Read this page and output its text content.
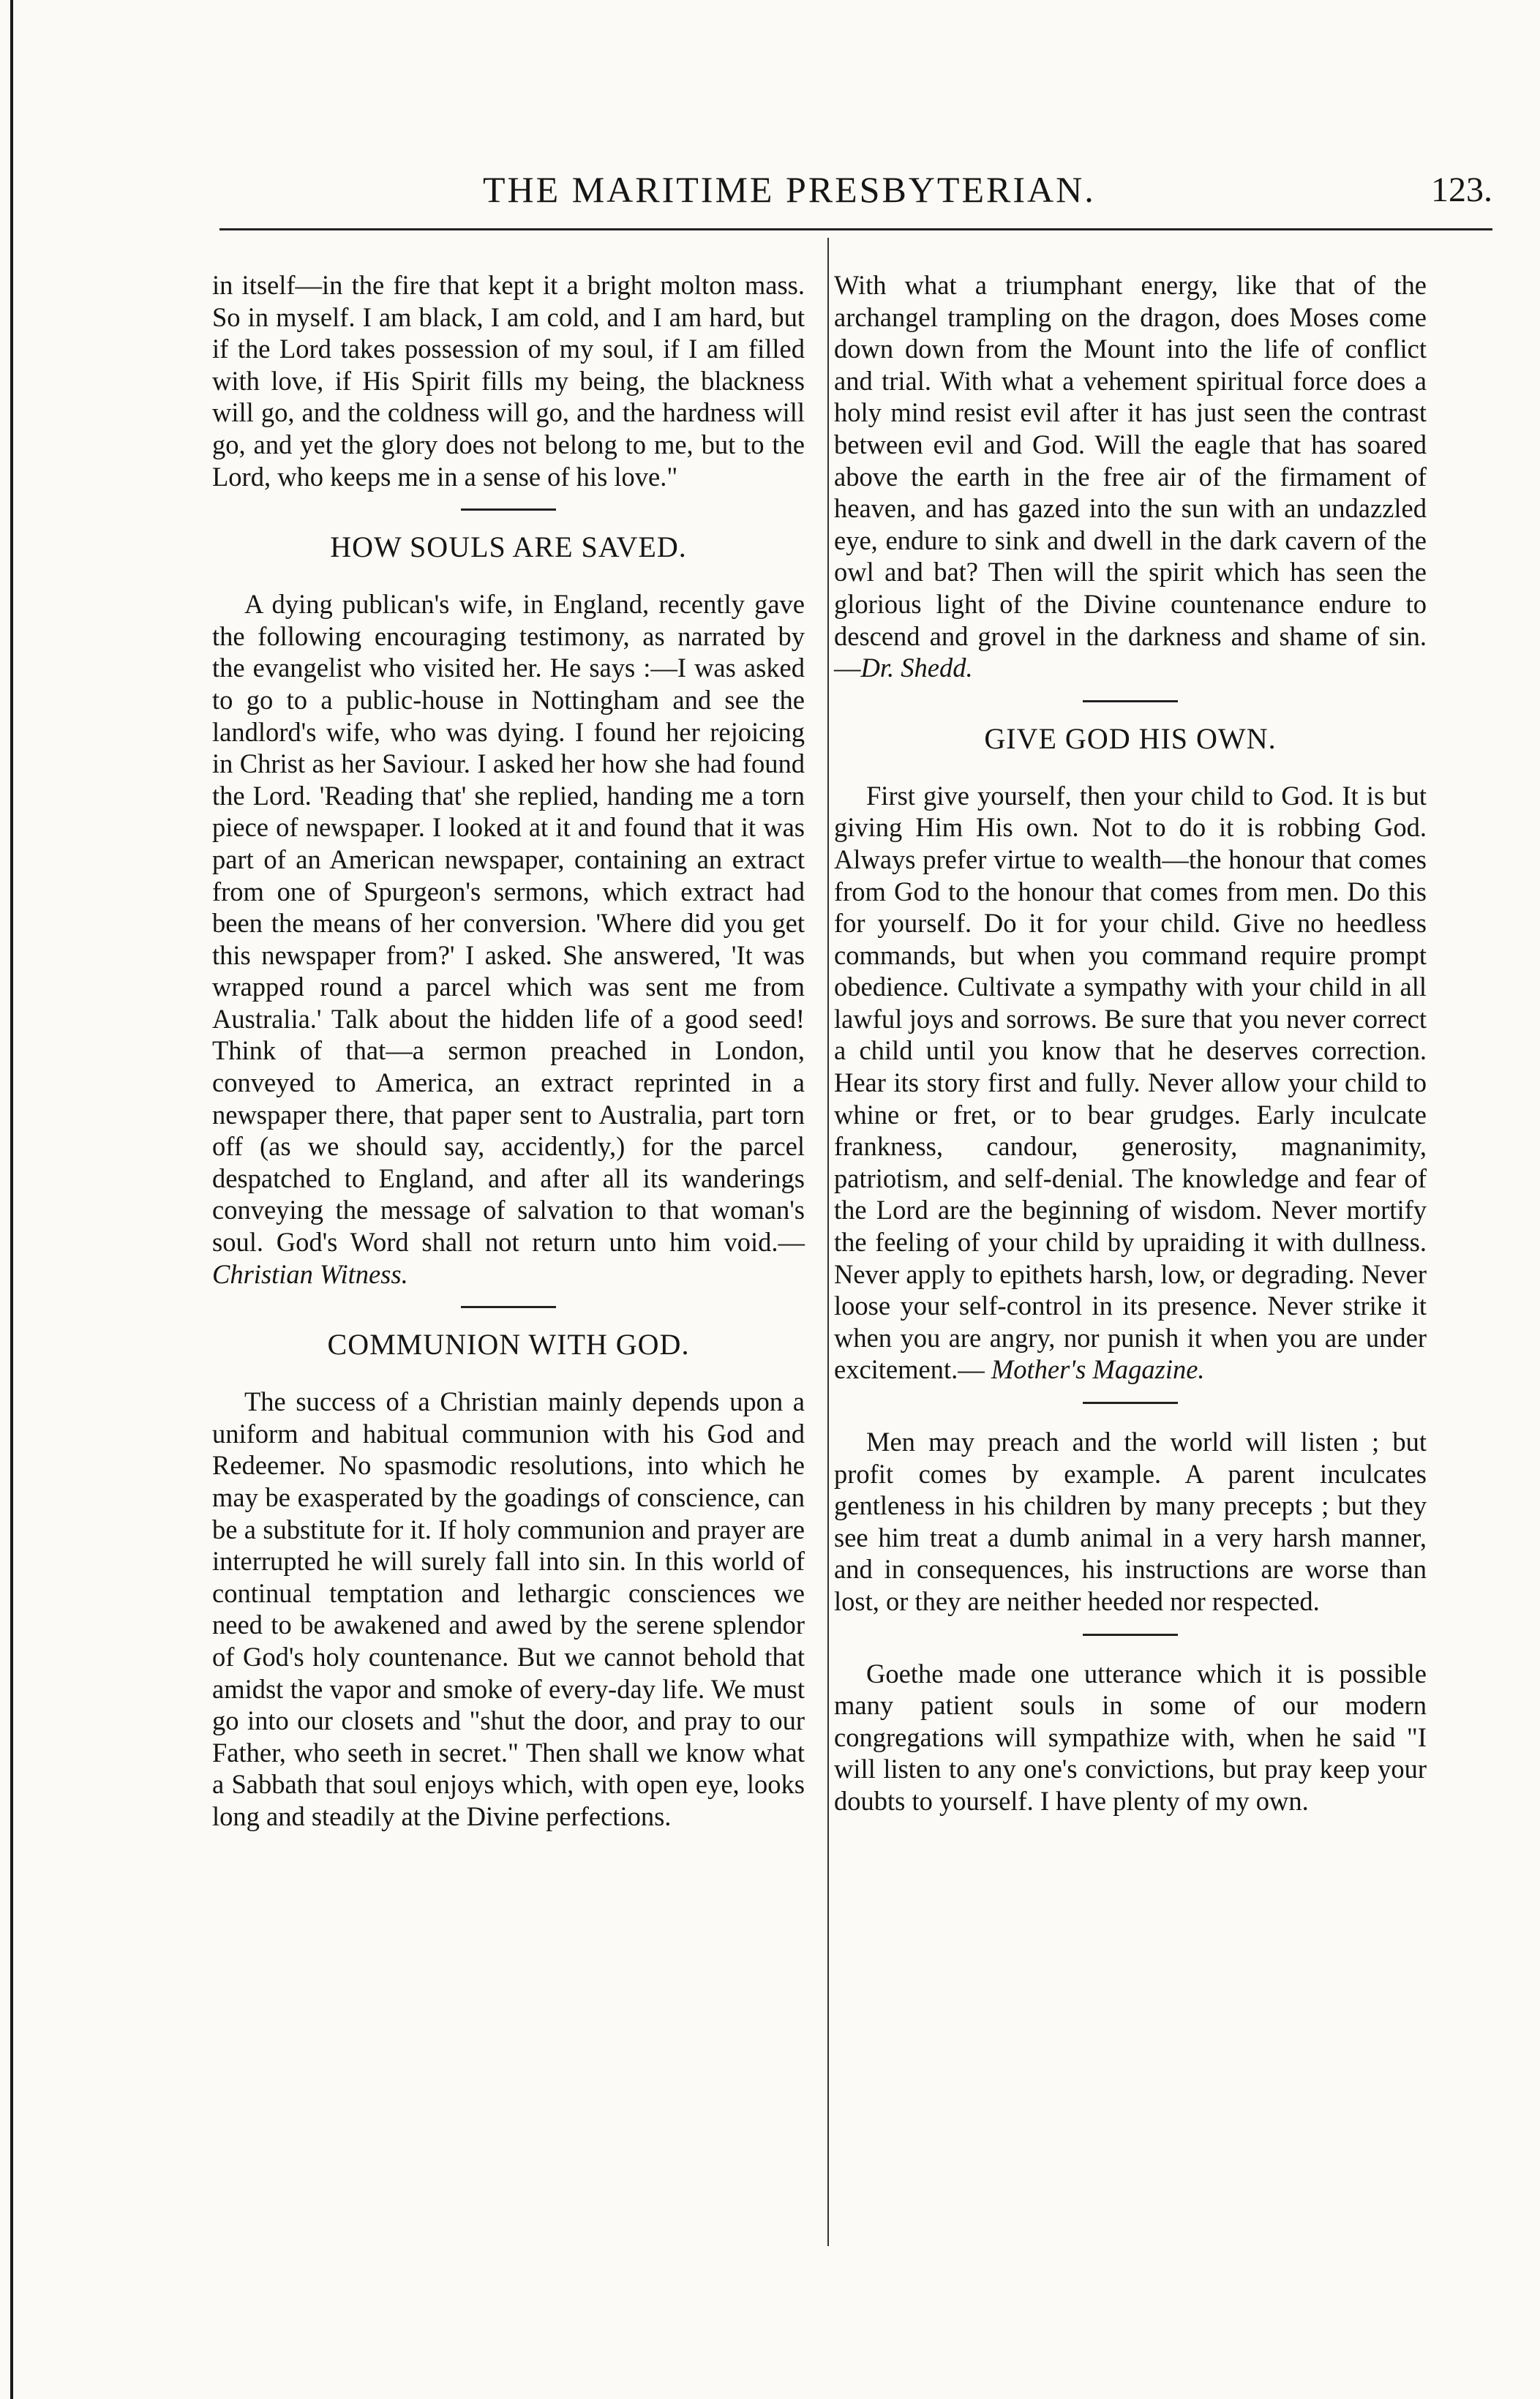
THE MARITIME PRESBYTERIAN.	123.

in itself—in the fire that kept it a bright molton mass. So in myself. I am black, I am cold, and I am hard, but if the Lord takes possession of my soul, if I am filled with love, if His Spirit fills my being, the blackness will go, and the coldness will go, and the hardness will go, and yet the glory does not belong to me, but to the Lord, who keeps me in a sense of his love."

HOW SOULS ARE SAVED.

A dying publican's wife, in England, recently gave the following encouraging testimony, as narrated by the evangelist who visited her. He says :—I was asked to go to a public-house in Nottingham and see the landlord's wife, who was dying. I found her rejoicing in Christ as her Saviour. I asked her how she had found the Lord. 'Reading that' she replied, handing me a torn piece of newspaper. I looked at it and found that it was part of an American newspaper, containing an extract from one of Spurgeon's sermons, which extract had been the means of her conversion. 'Where did you get this newspaper from?' I asked. She answered, 'It was wrapped round a parcel which was sent me from Australia.' Talk about the hidden life of a good seed! Think of that—a sermon preached in London, conveyed to America, an extract reprinted in a newspaper there, that paper sent to Australia, part torn off (as we should say, accidently,) for the parcel despatched to England, and after all its wanderings conveying the message of salvation to that woman's soul. God's Word shall not return unto him void.— Christian Witness.

COMMUNION WITH GOD.

The success of a Christian mainly depends upon a uniform and habitual communion with his God and Redeemer. No spasmodic resolutions, into which he may be exasperated by the goadings of conscience, can be a substitute for it. If holy communion and prayer are interrupted he will surely fall into sin. In this world of continual temptation and lethargic consciences we need to be awakened and awed by the serene splendor of God's holy countenance. But we cannot behold that amidst the vapor and smoke of every-day life. We must go into our closets and "shut the door, and pray to our Father, who seeth in secret." Then shall we know what a Sabbath that soul enjoys which, with open eye, looks long and steadily at the Divine perfections.

With what a triumphant energy, like that of the archangel trampling on the dragon, does Moses come down down from the Mount into the life of conflict and trial. With what a vehement spiritual force does a holy mind resist evil after it has just seen the contrast between evil and God. Will the eagle that has soared above the earth in the free air of the firmament of heaven, and has gazed into the sun with an undazzled eye, endure to sink and dwell in the dark cavern of the owl and bat? Then will the spirit which has seen the glorious light of the Divine countenance endure to descend and grovel in the darkness and shame of sin.—Dr. Shedd.

GIVE GOD HIS OWN.

First give yourself, then your child to God. It is but giving Him His own. Not to do it is robbing God. Always prefer virtue to wealth—the honour that comes from God to the honour that comes from men. Do this for yourself. Do it for your child. Give no heedless commands, but when you command require prompt obedience. Cultivate a sympathy with your child in all lawful joys and sorrows. Be sure that you never correct a child until you know that he deserves correction. Hear its story first and fully. Never allow your child to whine or fret, or to bear grudges. Early inculcate frankness, candour, generosity, magnanimity, patriotism, and self-denial. The knowledge and fear of the Lord are the beginning of wisdom. Never mortify the feeling of your child by upraiding it with dullness. Never apply to epithets harsh, low, or degrading. Never loose your self-control in its presence. Never strike it when you are angry, nor punish it when you are under excitement.— Mother's Magazine.

Men may preach and the world will listen ; but profit comes by example. A parent inculcates gentleness in his children by many precepts ; but they see him treat a dumb animal in a very harsh manner, and in consequences, his instructions are worse than lost, or they are neither heeded nor respected.

Goethe made one utterance which it is possible many patient souls in some of our modern congregations will sympathize with, when he said "I will listen to any one's convictions, but pray keep your doubts to yourself. I have plenty of my own.
